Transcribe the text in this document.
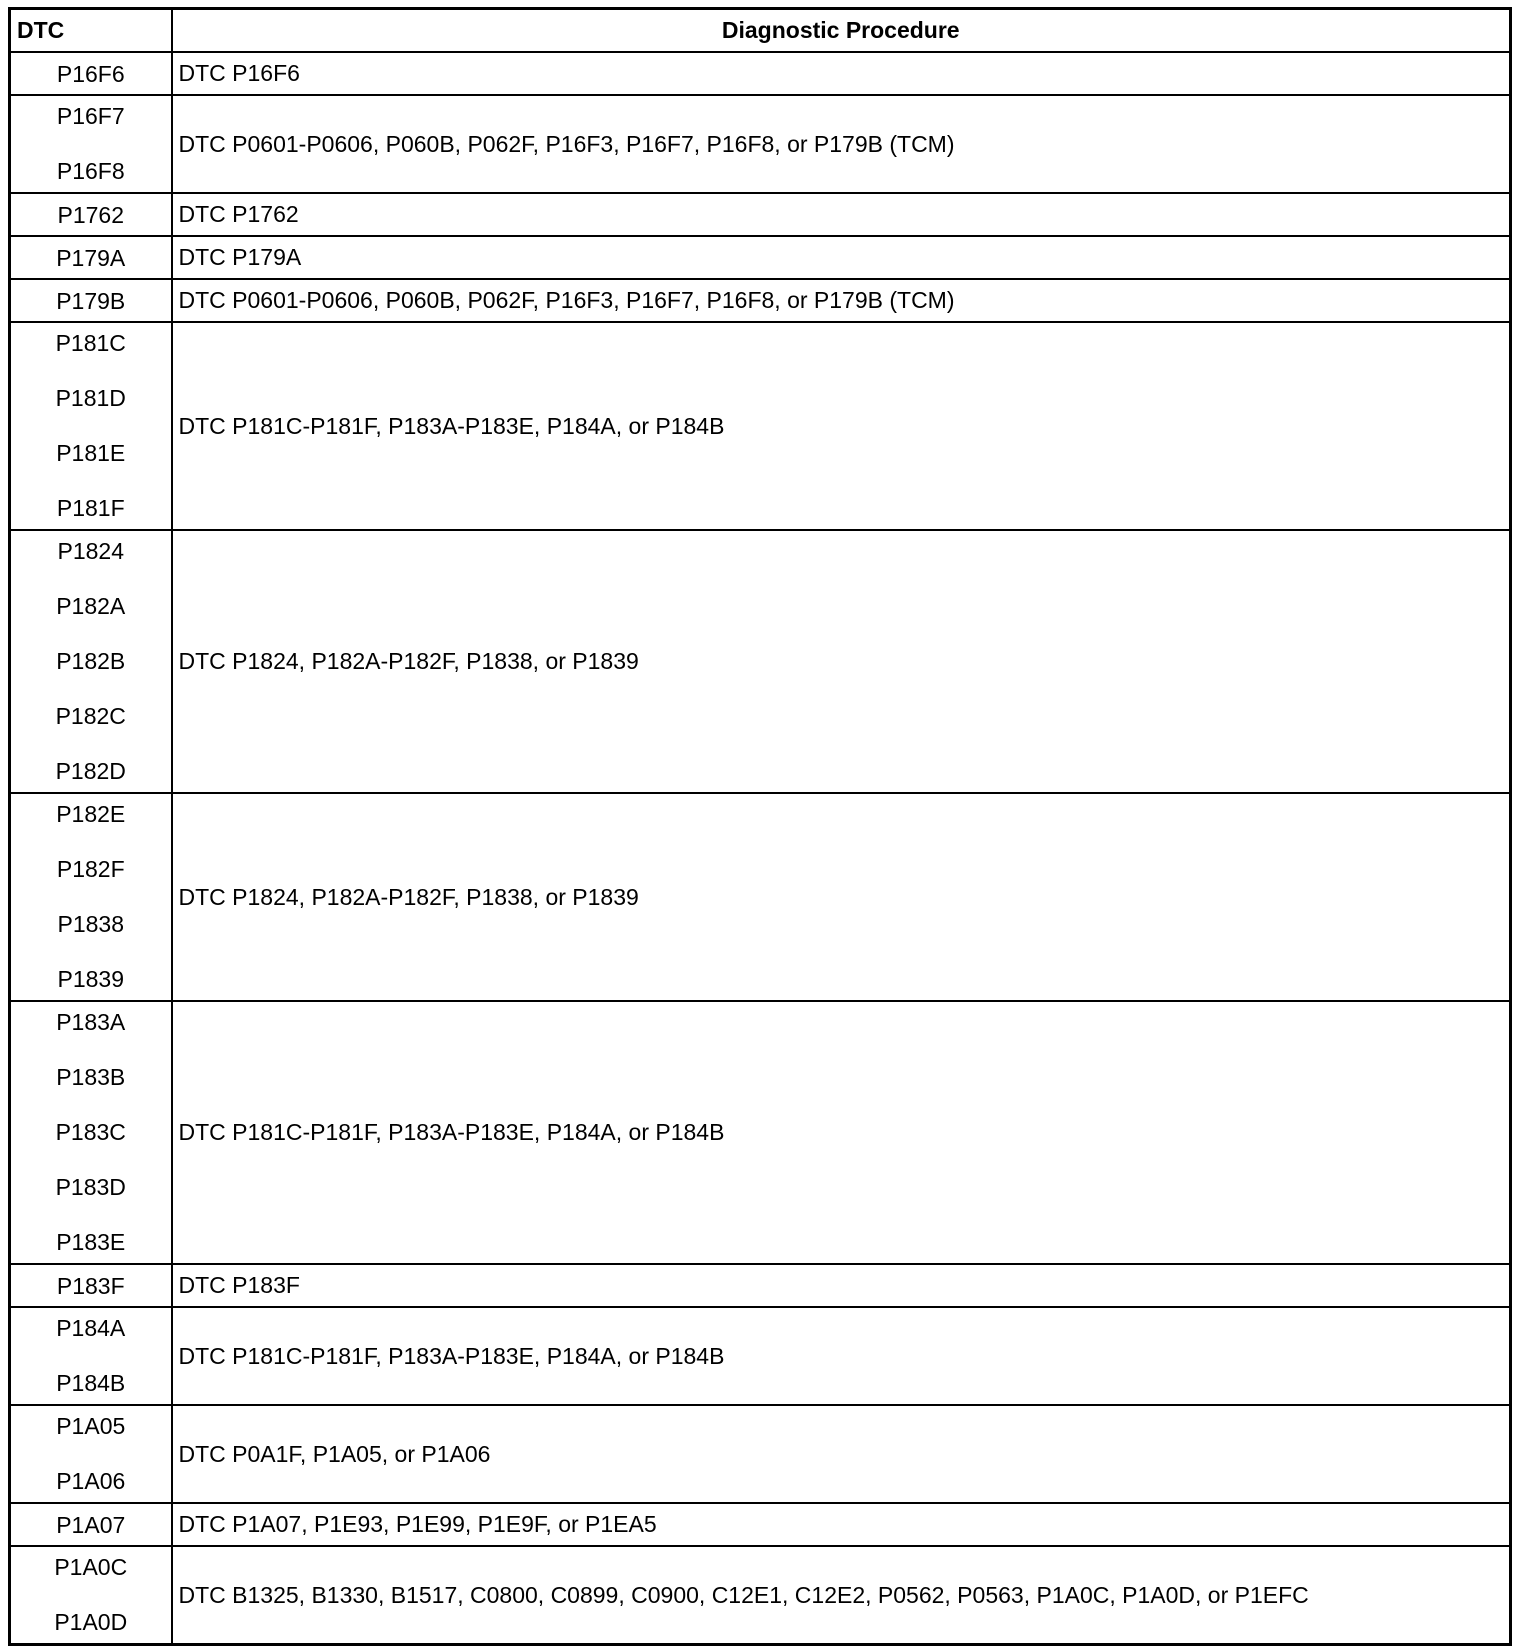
DTC	Diagnostic Procedure

P16F6	DTC P16F6

P16F7
P16F8	DTC P0601-P0606, P060B, P062F, P16F3, P16F7, P16F8, or P179B (TCM)

P1762	DTC P1762

P179A	DTC P179A

P179B	DTC P0601-P0606, P060B, P062F, P16F3, P16F7, P16F8, or P179B (TCM)

P181C
P181D
P181E
P181F	DTC P181C-P181F, P183A-P183E, P184A, or P184B

P1824
P182A
P182B
P182C
P182D	DTC P1824, P182A-P182F, P1838, or P1839

P182E
P182F
P1838
P1839	DTC P1824, P182A-P182F, P1838, or P1839

P183A
P183B
P183C
P183D
P183E	DTC P181C-P181F, P183A-P183E, P184A, or P184B

P183F	DTC P183F

P184A
P184B	DTC P181C-P181F, P183A-P183E, P184A, or P184B

P1A05
P1A06	DTC P0A1F, P1A05, or P1A06

P1A07	DTC P1A07, P1E93, P1E99, P1E9F, or P1EA5

P1A0C
P1A0D	DTC B1325, B1330, B1517, C0800, C0899, C0900, C12E1, C12E2, P0562, P0563, P1A0C, P1A0D, or P1EFC
